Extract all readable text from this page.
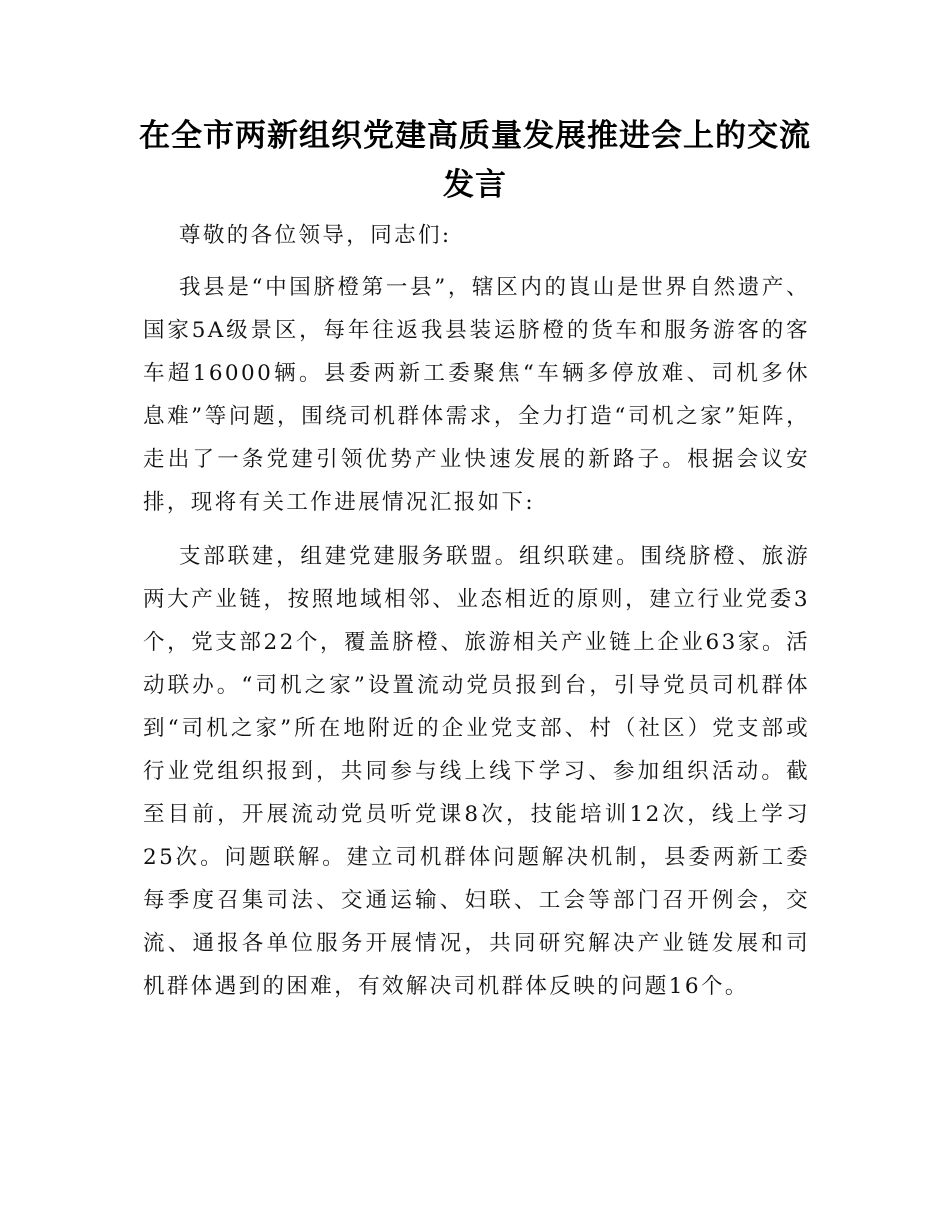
在全市两新组织党建高质量发展推进会上的交流发言

尊敬的各位领导，同志们:

我县是“中国脐橙第一县”，辖区内的崀山是世界自然遗产、国家5A级景区，每年往返我县装运脐橙的货车和服务游客的客车超16000辆。县委两新工委聚焦“车辆多停放难、司机多休息难”等问题，围绕司机群体需求，全力打造“司机之家”矩阵，走出了一条党建引领优势产业快速发展的新路子。根据会议安排，现将有关工作进展情况汇报如下:

支部联建，组建党建服务联盟。组织联建。围绕脐橙、旅游两大产业链，按照地域相邻、业态相近的原则，建立行业党委3个，党支部22个，覆盖脐橙、旅游相关产业链上企业63家。活动联办。“司机之家”设置流动党员报到台，引导党员司机群体到“司机之家”所在地附近的企业党支部、村（社区）党支部或行业党组织报到，共同参与线上线下学习、参加组织活动。截至目前，开展流动党员听党课8次，技能培训12次，线上学习25次。问题联解。建立司机群体问题解决机制，县委两新工委每季度召集司法、交通运输、妇联、工会等部门召开例会，交流、通报各单位服务开展情况，共同研究解决产业链发展和司机群体遇到的困难，有效解决司机群体反映的问题16个。
